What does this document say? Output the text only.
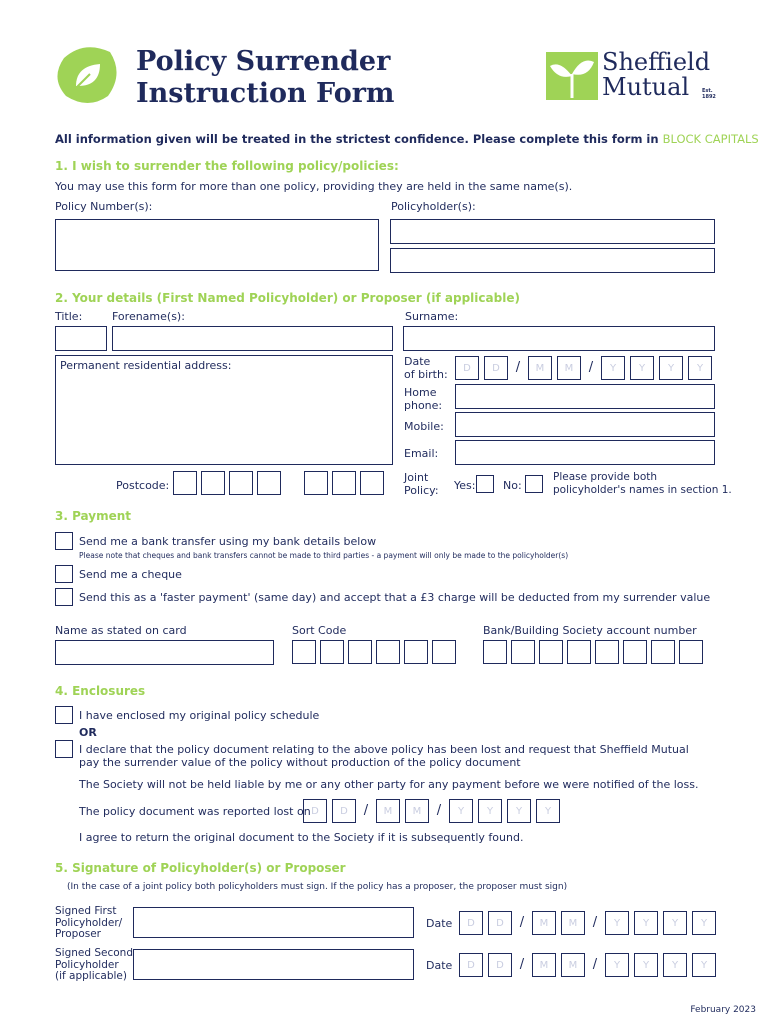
Policy Surrender
Instruction Form
Sheffield
Mutual	Est.
1892
All information given will be treated in the strictest confidence. Please complete this form in BLOCK CAPITALS
1. I wish to surrender the following policy/policies:
You may use this form for more than one policy, providing they are held in the same name(s).
Policy Number(s):	Policyholder(s):
2. Your details (First Named Policyholder) or Proposer (if applicable)
Title:	Forename(s):	Surname:
Permanent residential address:	Date
of birth:	D	D	/	M	M	/	Y	Y	Y	Y
Home
phone:
Mobile:
Email:
Postcode:
Joint
Policy: Yes:	No:
Please provide both
policyholder's names in section 1.
3. Payment
Send me a bank transfer using my bank details below
Please note that cheques and bank transfers cannot be made to third parties - a payment will only be made to the policyholder(s)
Send me a cheque
Send this as a 'faster payment' (same day) and accept that a £3 charge will be deducted from my surrender value
Name as stated on card	Sort Code	Bank/Building Society account number
4. Enclosures
I have enclosed my original policy schedule
OR
I declare that the policy document relating to the above policy has been lost and request that Sheffield Mutual
pay the surrender value of the policy without production of the policy document
The Society will not be held liable by me or any other party for any payment before we were notified of the loss.
The policy document was reported lost on D	D	/	M	M	/	Y	Y	Y	Y
I agree to return the original document to the Society if it is subsequently found.
5. Signature of Policyholder(s) or Proposer
(In the case of a joint policy both policyholders must sign. If the policy has a proposer, the proposer must sign)
Signed First
Policyholder/
Proposer
Date	D	D	/	M	M	/	Y	Y	Y	Y
Signed Second
Policyholder
(if applicable)
Date	D	D	/	M	M	/	Y	Y	Y	Y
February 2023
